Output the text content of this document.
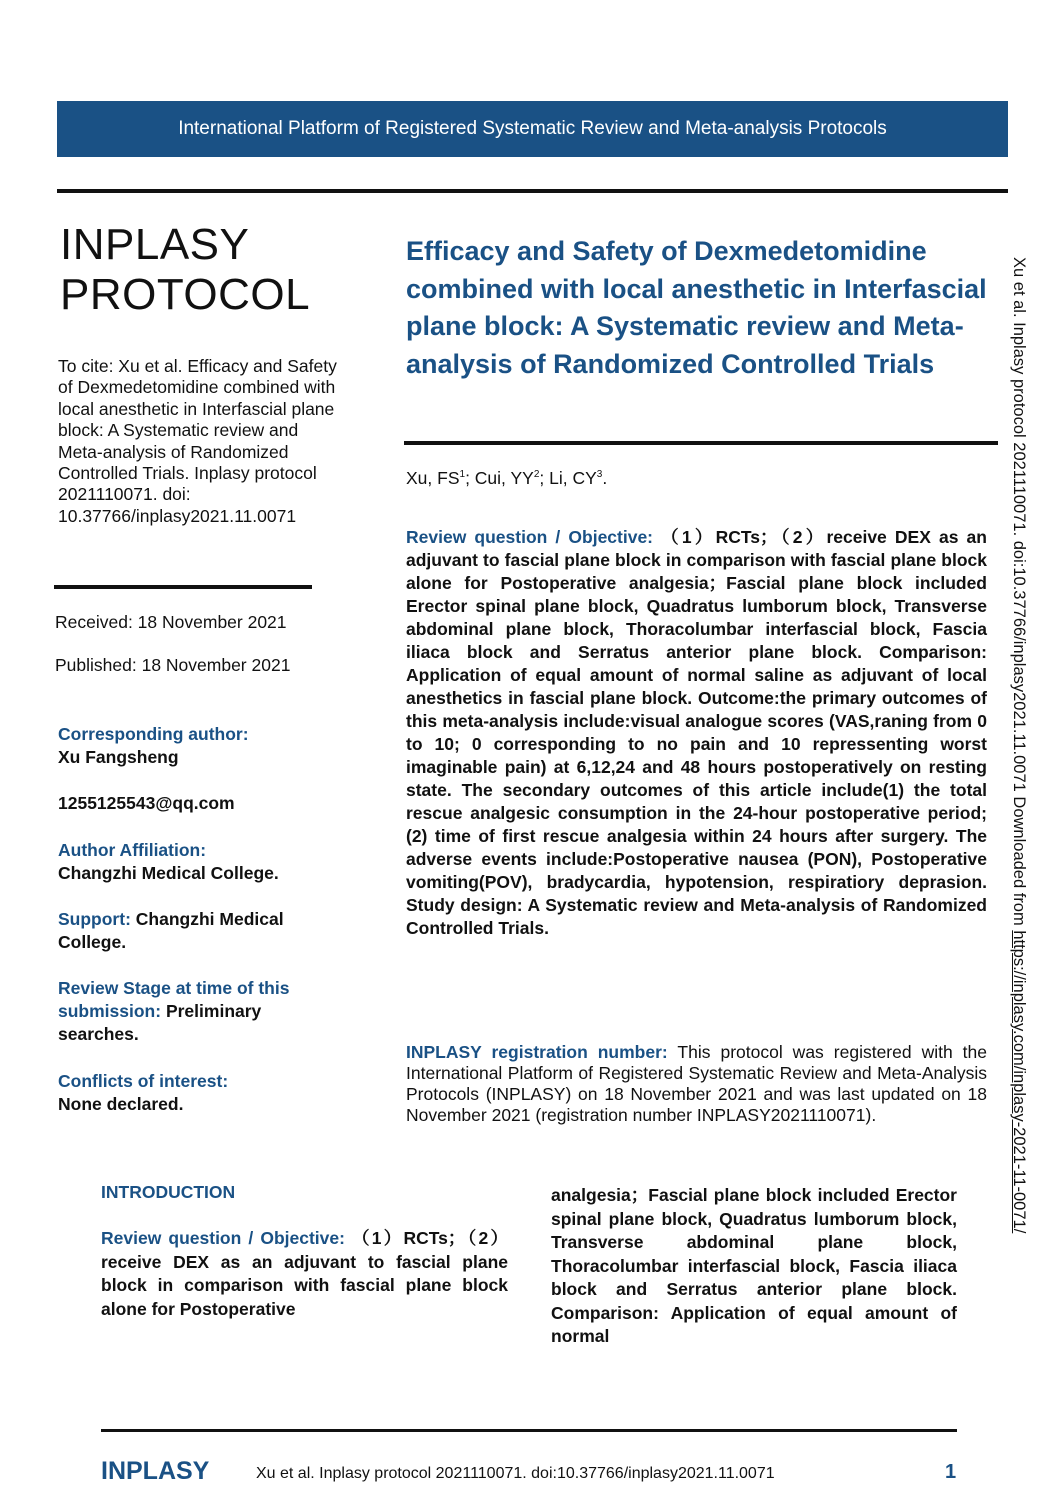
International Platform of Registered Systematic Review and Meta-analysis Protocols
INPLASY
PROTOCOL
To cite: Xu et al. Efficacy and Safety of Dexmedetomidine combined with local anesthetic in Interfascial plane block: A Systematic review and Meta-analysis of Randomized Controlled Trials. Inplasy protocol 2021110071. doi: 10.37766/inplasy2021.11.0071
Received: 18 November 2021
Published: 18 November 2021
Corresponding author:
Xu Fangsheng
1255125543@qq.com
Author Affiliation:
Changzhi Medical College.
Support: Changzhi Medical College.
Review Stage at time of this submission: Preliminary searches.
Conflicts of interest:
None declared.
Efficacy and Safety of Dexmedetomidine combined with local anesthetic in Interfascial plane block: A Systematic review and Meta-analysis of Randomized Controlled Trials
Xu, $FS^1$; Cui, $YY^2$; Li, $CY^3$.
Review question / Objective: （1）RCTs；（2）receive DEX as an adjuvant to fascial plane block in comparison with fascial plane block alone for Postoperative analgesia；Fascial plane block included Erector spinal plane block, Quadratus lumborum block, Transverse abdominal plane block, Thoracolumbar interfascial block, Fascia iliaca block and Serratus anterior plane block. Comparison: Application of equal amount of normal saline as adjuvant of local anesthetics in fascial plane block. Outcome:the primary outcomes of this meta-analysis include:visual analogue scores (VAS,raning from 0 to 10; 0 corresponding to no pain and 10 repressenting worst imaginable pain) at 6,12,24 and 48 hours postoperatively on resting state. The secondary outcomes of this article include(1) the total rescue analgesic consumption in the 24-hour postoperative period; (2) time of first rescue analgesia within 24 hours after surgery. The adverse events include:Postoperative nausea (PON), Postoperative vomiting(POV), bradycardia, hypotension, respiratiory deprasion. Study design: A Systematic review and Meta-analysis of Randomized Controlled Trials.
INPLASY registration number: This protocol was registered with the International Platform of Registered Systematic Review and Meta-Analysis Protocols (INPLASY) on 18 November 2021 and was last updated on 18 November 2021 (registration number INPLASY2021110071).
Xu et al. Inplasy protocol 2021110071. doi:10.37766/inplasy2021.11.0071 Downloaded from https://inplasy.com/inplasy-2021-11-0071/
INTRODUCTION
Review question / Objective: （1）RCTs；（2）receive DEX as an adjuvant to fascial plane block in comparison with fascial plane block alone for Postoperative
analgesia；Fascial plane block included Erector spinal plane block, Quadratus lumborum block, Transverse abdominal plane block, Thoracolumbar interfascial block, Fascia iliaca block and Serratus anterior plane block. Comparison: Application of equal amount of normal
INPLASY	Xu et al. Inplasy protocol 2021110071. doi:10.37766/inplasy2021.11.0071	1
